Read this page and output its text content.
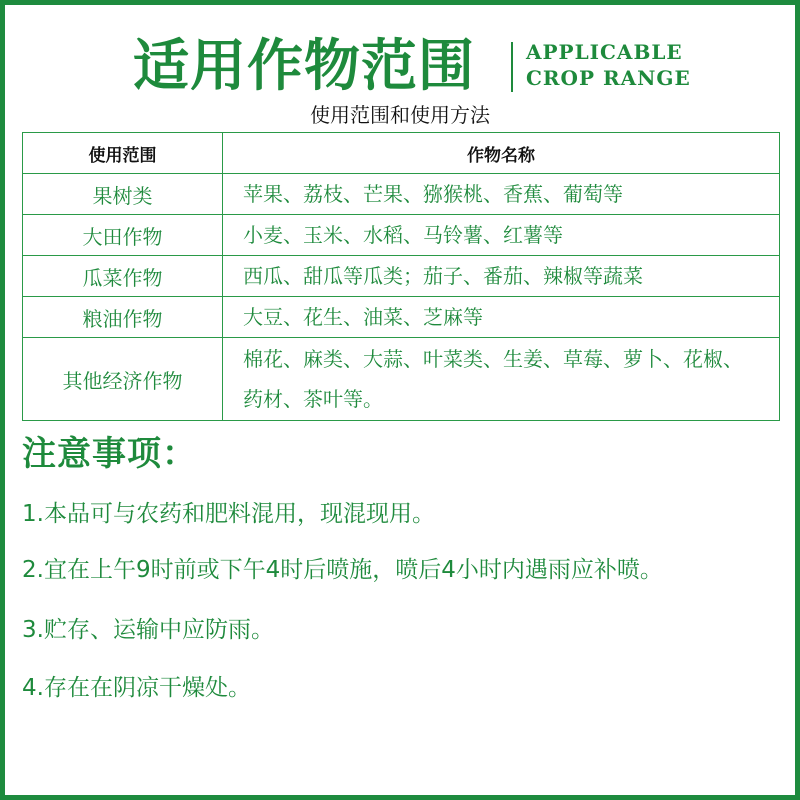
适用作物范围	APPLICABLE
CROP RANGE
使用范围和使用方法
使用范围	作物名称
果树类	苹果、荔枝、芒果、猕猴桃、香蕉、葡萄等
大田作物	小麦、玉米、水稻、马铃薯、红薯等
瓜菜作物	西瓜、甜瓜等瓜类；茄子、番茄、辣椒等蔬菜
粮油作物	大豆、花生、油菜、芝麻等
其他经济作物	棉花、麻类、大蒜、叶菜类、生姜、草莓、萝卜、花椒、药材、茶叶等。
注意事项：
1.本品可与农药和肥料混用，现混现用。
2.宜在上午9时前或下午4时后喷施，喷后4小时内遇雨应补喷。
3.贮存、运输中应防雨。
4.存在在阴凉干燥处。
